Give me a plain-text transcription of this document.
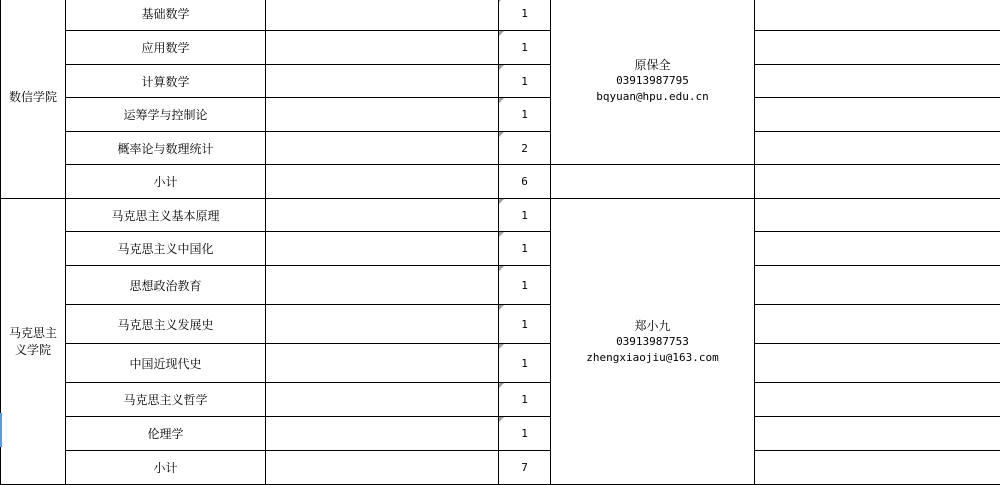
数信学院	基础数学		1	原保全
03913987795
bqyuan@hpu.edu.cn	

	应用数学		1		
	计算数学		1		
	运筹学与控制论		1		
	概率论与数理统计		2		
	小计		6		
马克思主义学院	马克思主义基本原理		1	郑小九
03913987753
zhengxiaojiu@163.com	

	马克思主义中国化		1		
	思想政治教育		1		
	马克思主义发展史		1		
	中国近现代史		1		
	马克思主义哲学		1		
	伦理学		1		
	小计		7		
